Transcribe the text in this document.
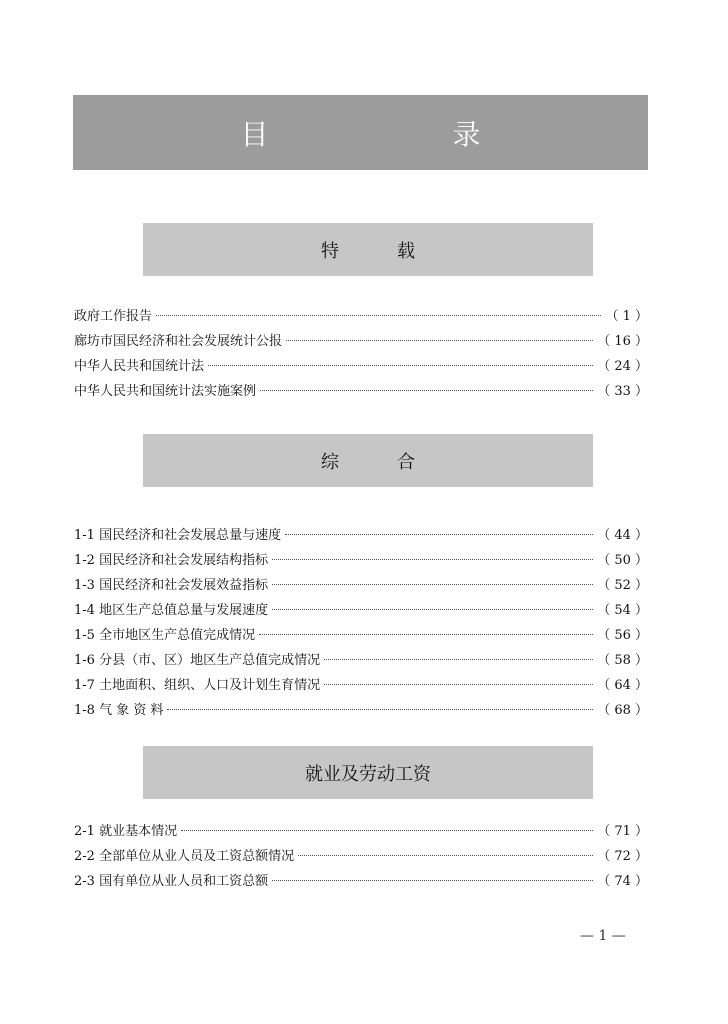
目　录
特　载
政府工作报告	（ 1 ）
廊坊市国民经济和社会发展统计公报	（ 16 ）
中华人民共和国统计法	（ 24 ）
中华人民共和国统计法实施案例	（ 33 ）
综　合
1-1 国民经济和社会发展总量与速度	（ 44 ）
1-2 国民经济和社会发展结构指标	（ 50 ）
1-3 国民经济和社会发展效益指标	（ 52 ）
1-4 地区生产总值总量与发展速度	（ 54 ）
1-5 全市地区生产总值完成情况	（ 56 ）
1-6 分县（市、区）地区生产总值完成情况	（ 58 ）
1-7 土地面积、组织、人口及计划生育情况	（ 64 ）
1-8 气 象 资 料	（ 68 ）
就业及劳动工资
2-1 就业基本情况	（ 71 ）
2-2 全部单位从业人员及工资总额情况	（ 72 ）
2-3 国有单位从业人员和工资总额	（ 74 ）
— 1 —
